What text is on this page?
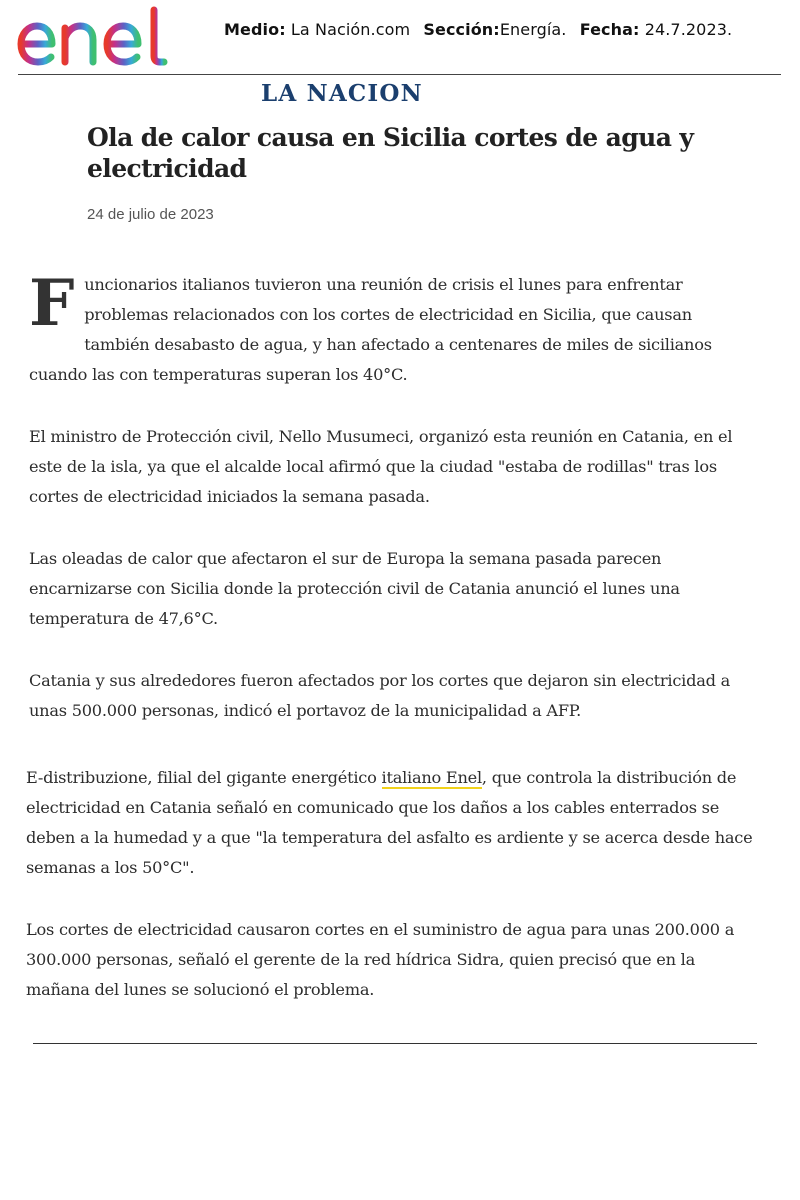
Medio: La Nación.com Sección:Energía. Fecha: 24.7.2023.
LA NACION
Ola de calor causa en Sicilia cortes de agua y electricidad
24 de julio de 2023

Funcionarios italianos tuvieron una reunión de crisis el lunes para enfrentar problemas relacionados con los cortes de electricidad en Sicilia, que causan también desabasto de agua, y han afectado a centenares de miles de sicilianos cuando las con temperaturas superan los 40°C.

El ministro de Protección civil, Nello Musumeci, organizó esta reunión en Catania, en el este de la isla, ya que el alcalde local afirmó que la ciudad "estaba de rodillas" tras los cortes de electricidad iniciados la semana pasada.

Las oleadas de calor que afectaron el sur de Europa la semana pasada parecen encarnizarse con Sicilia donde la protección civil de Catania anunció el lunes una temperatura de 47,6°C.

Catania y sus alrededores fueron afectados por los cortes que dejaron sin electricidad a unas 500.000 personas, indicó el portavoz de la municipalidad a AFP.

E-distribuzione, filial del gigante energético italiano Enel, que controla la distribución de electricidad en Catania señaló en comunicado que los daños a los cables enterrados se deben a la humedad y a que "la temperatura del asfalto es ardiente y se acerca desde hace semanas a los 50°C".

Los cortes de electricidad causaron cortes en el suministro de agua para unas 200.000 a 300.000 personas, señaló el gerente de la red hídrica Sidra, quien precisó que en la mañana del lunes se solucionó el problema.
